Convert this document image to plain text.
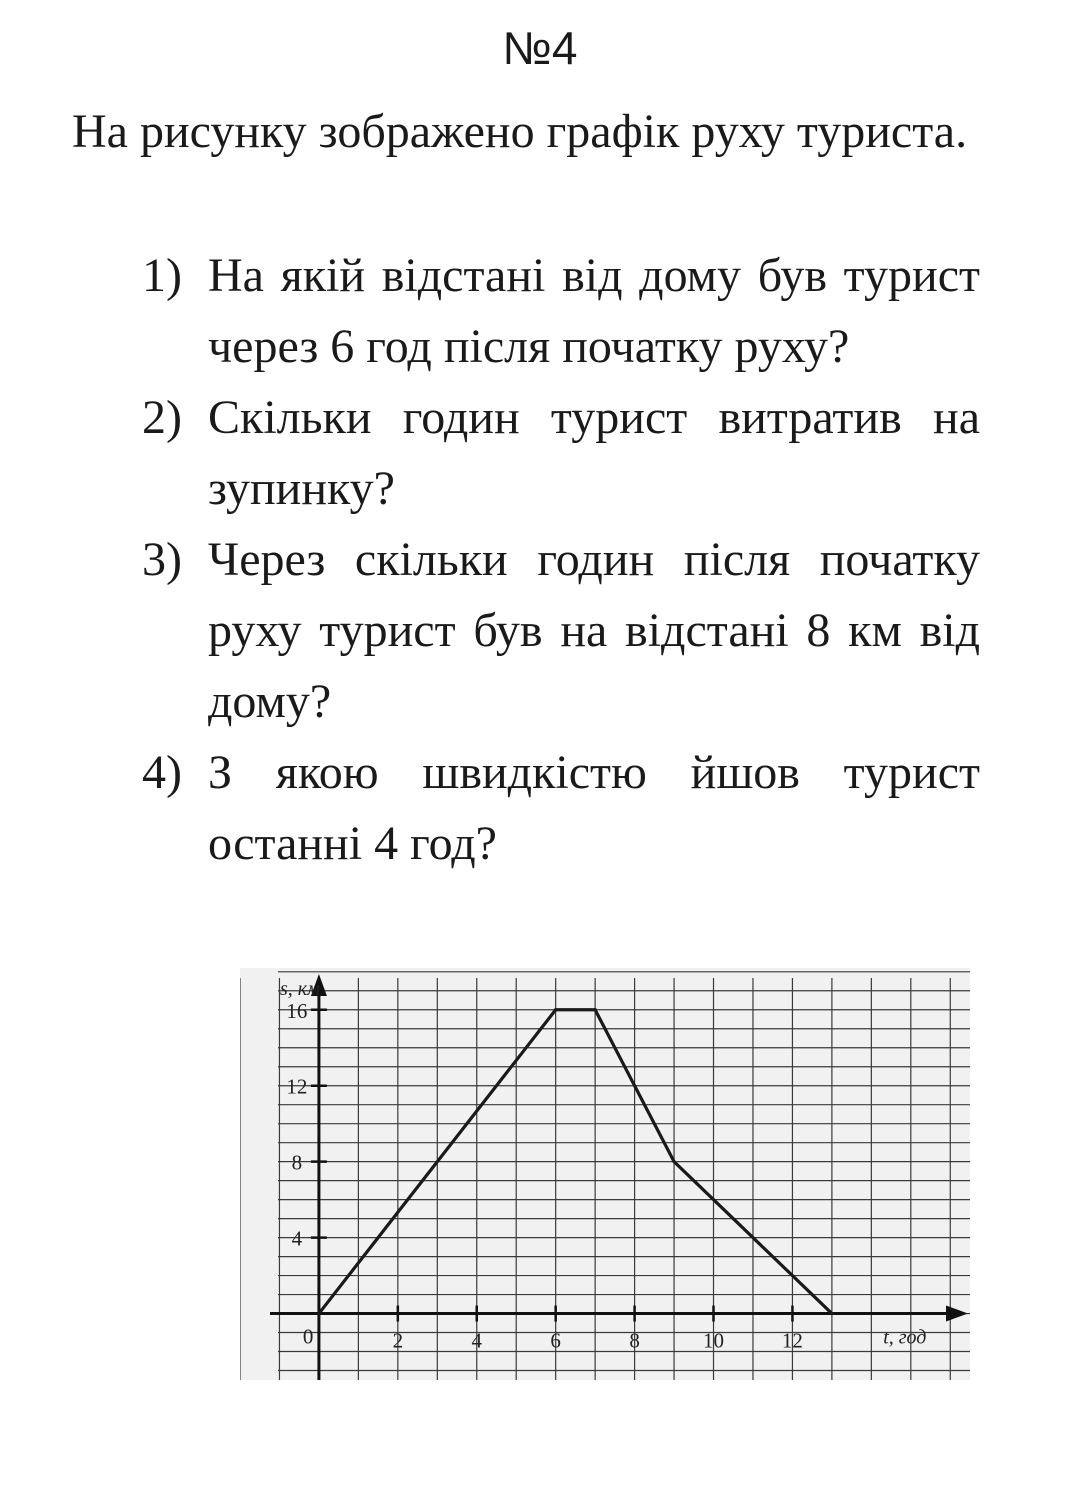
№4
На рисунку зображено графік руху туриста.
1) На якій відстані від дому був турист через 6 год після початку руху?
2) Скільки годин турист витратив на зупинку?
3) Через скільки годин після початку руху турист був на відстані 8 км від дому?
4) З якою швидкістю йшов турист останні 4 год?
2	4	6	8	10	12
4
8
12
16
0
s, км
t, год
